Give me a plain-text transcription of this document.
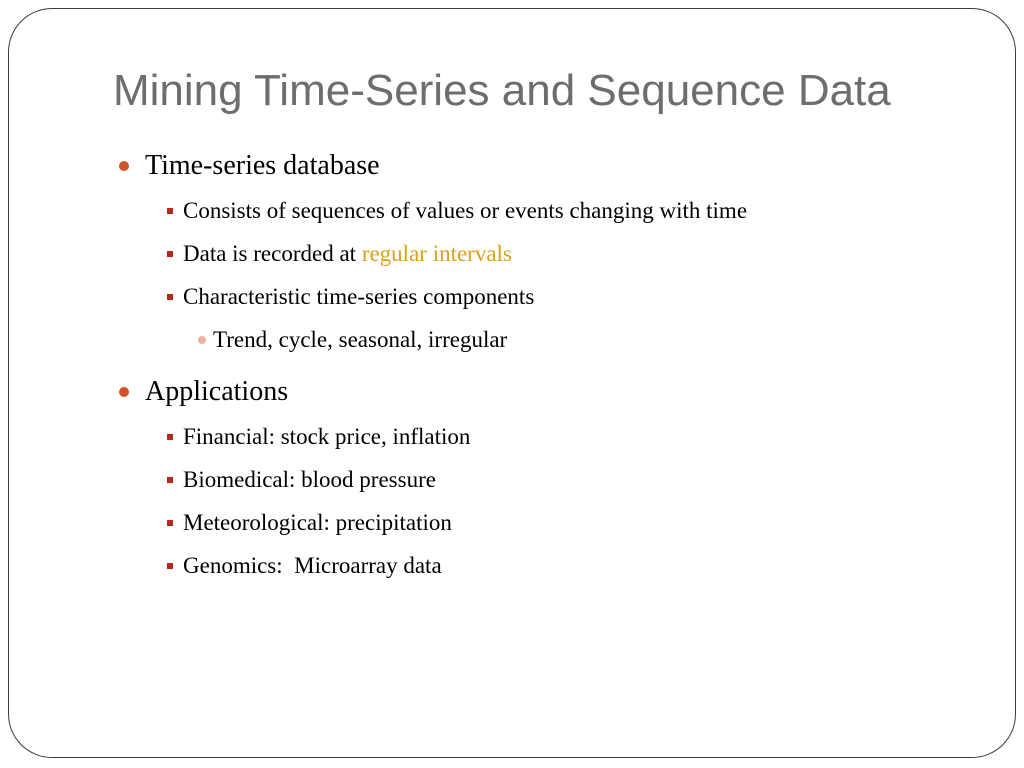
Mining Time-Series and Sequence Data
Time-series database
Consists of sequences of values or events changing with time
Data is recorded at regular intervals
Characteristic time-series components
Trend, cycle, seasonal, irregular
Applications
Financial: stock price, inflation
Biomedical: blood pressure
Meteorological: precipitation
Genomics:  Microarray data
